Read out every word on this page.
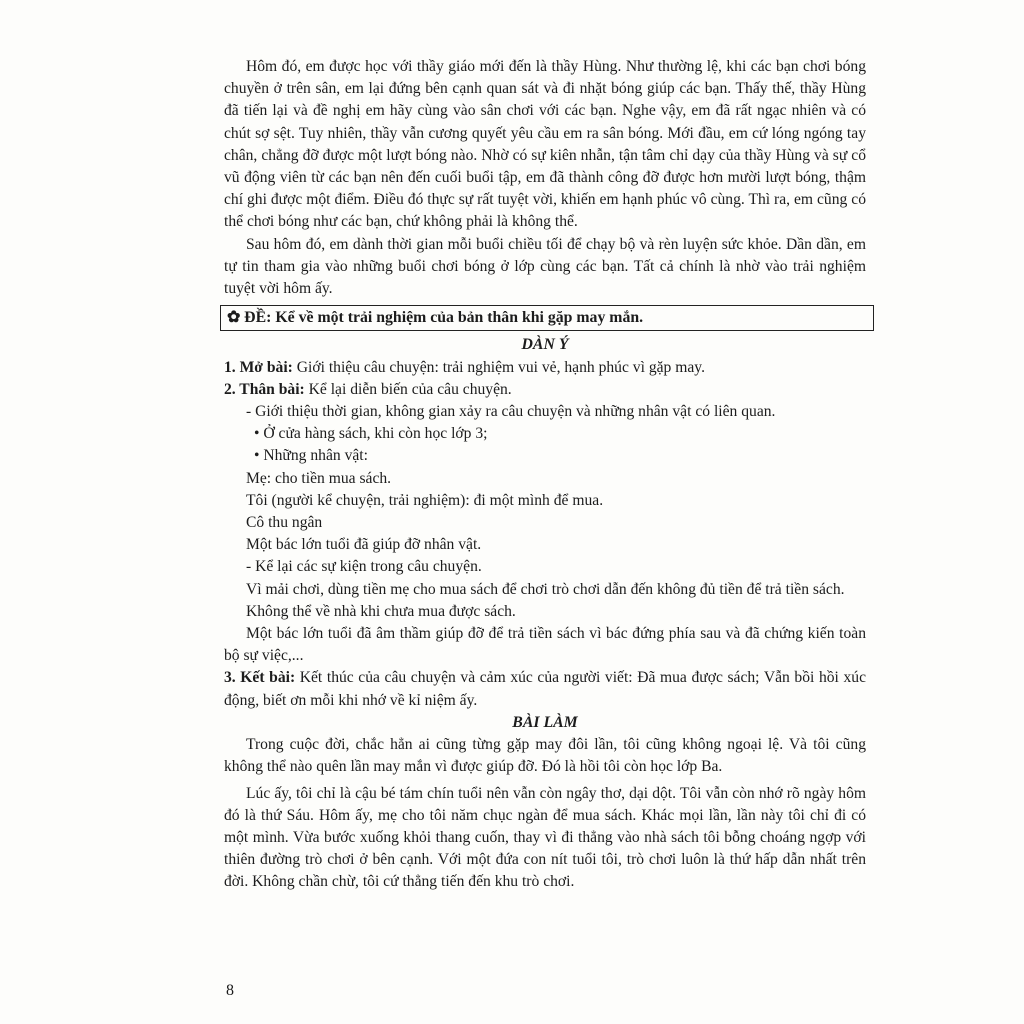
Hôm đó, em được học với thầy giáo mới đến là thầy Hùng. Như thường lệ, khi các bạn chơi bóng chuyền ở trên sân, em lại đứng bên cạnh quan sát và đi nhặt bóng giúp các bạn. Thấy thế, thầy Hùng đã tiến lại và đề nghị em hãy cùng vào sân chơi với các bạn. Nghe vậy, em đã rất ngạc nhiên và có chút sợ sệt. Tuy nhiên, thầy vẫn cương quyết yêu cầu em ra sân bóng. Mới đầu, em cứ lóng ngóng tay chân, chẳng đỡ được một lượt bóng nào. Nhờ có sự kiên nhẫn, tận tâm chỉ dạy của thầy Hùng và sự cổ vũ động viên từ các bạn nên đến cuối buổi tập, em đã thành công đỡ được hơn mười lượt bóng, thậm chí ghi được một điểm. Điều đó thực sự rất tuyệt vời, khiến em hạnh phúc vô cùng. Thì ra, em cũng có thể chơi bóng như các bạn, chứ không phải là không thể.

Sau hôm đó, em dành thời gian mỗi buổi chiều tối để chạy bộ và rèn luyện sức khỏe. Dần dần, em tự tin tham gia vào những buổi chơi bóng ở lớp cùng các bạn. Tất cả chính là nhờ vào trải nghiệm tuyệt vời hôm ấy.

✿ ĐỀ: Kể về một trải nghiệm của bản thân khi gặp may mắn.

DÀN Ý

1. Mở bài: Giới thiệu câu chuyện: trải nghiệm vui vẻ, hạnh phúc vì gặp may.

2. Thân bài: Kể lại diễn biến của câu chuyện.

- Giới thiệu thời gian, không gian xảy ra câu chuyện và những nhân vật có liên quan.

• Ở cửa hàng sách, khi còn học lớp 3;

• Những nhân vật:

Mẹ: cho tiền mua sách.

Tôi (người kể chuyện, trải nghiệm): đi một mình để mua.

Cô thu ngân

Một bác lớn tuổi đã giúp đỡ nhân vật.

- Kể lại các sự kiện trong câu chuyện.

Vì mải chơi, dùng tiền mẹ cho mua sách để chơi trò chơi dẫn đến không đủ tiền để trả tiền sách.

Không thể về nhà khi chưa mua được sách.

Một bác lớn tuổi đã âm thầm giúp đỡ để trả tiền sách vì bác đứng phía sau và đã chứng kiến toàn bộ sự việc,...

3. Kết bài: Kết thúc của câu chuyện và cảm xúc của người viết: Đã mua được sách; Vẫn bồi hồi xúc động, biết ơn mỗi khi nhớ về kỉ niệm ấy.

BÀI LÀM

Trong cuộc đời, chắc hẳn ai cũng từng gặp may đôi lần, tôi cũng không ngoại lệ. Và tôi cũng không thể nào quên lần may mắn vì được giúp đỡ. Đó là hồi tôi còn học lớp Ba.

Lúc ấy, tôi chỉ là cậu bé tám chín tuổi nên vẫn còn ngây thơ, dại dột. Tôi vẫn còn nhớ rõ ngày hôm đó là thứ Sáu. Hôm ấy, mẹ cho tôi năm chục ngàn để mua sách. Khác mọi lần, lần này tôi chỉ đi có một mình. Vừa bước xuống khỏi thang cuốn, thay vì đi thẳng vào nhà sách tôi bỗng choáng ngợp với thiên đường trò chơi ở bên cạnh. Với một đứa con nít tuổi tôi, trò chơi luôn là thứ hấp dẫn nhất trên đời. Không chần chừ, tôi cứ thẳng tiến đến khu trò chơi.

8
